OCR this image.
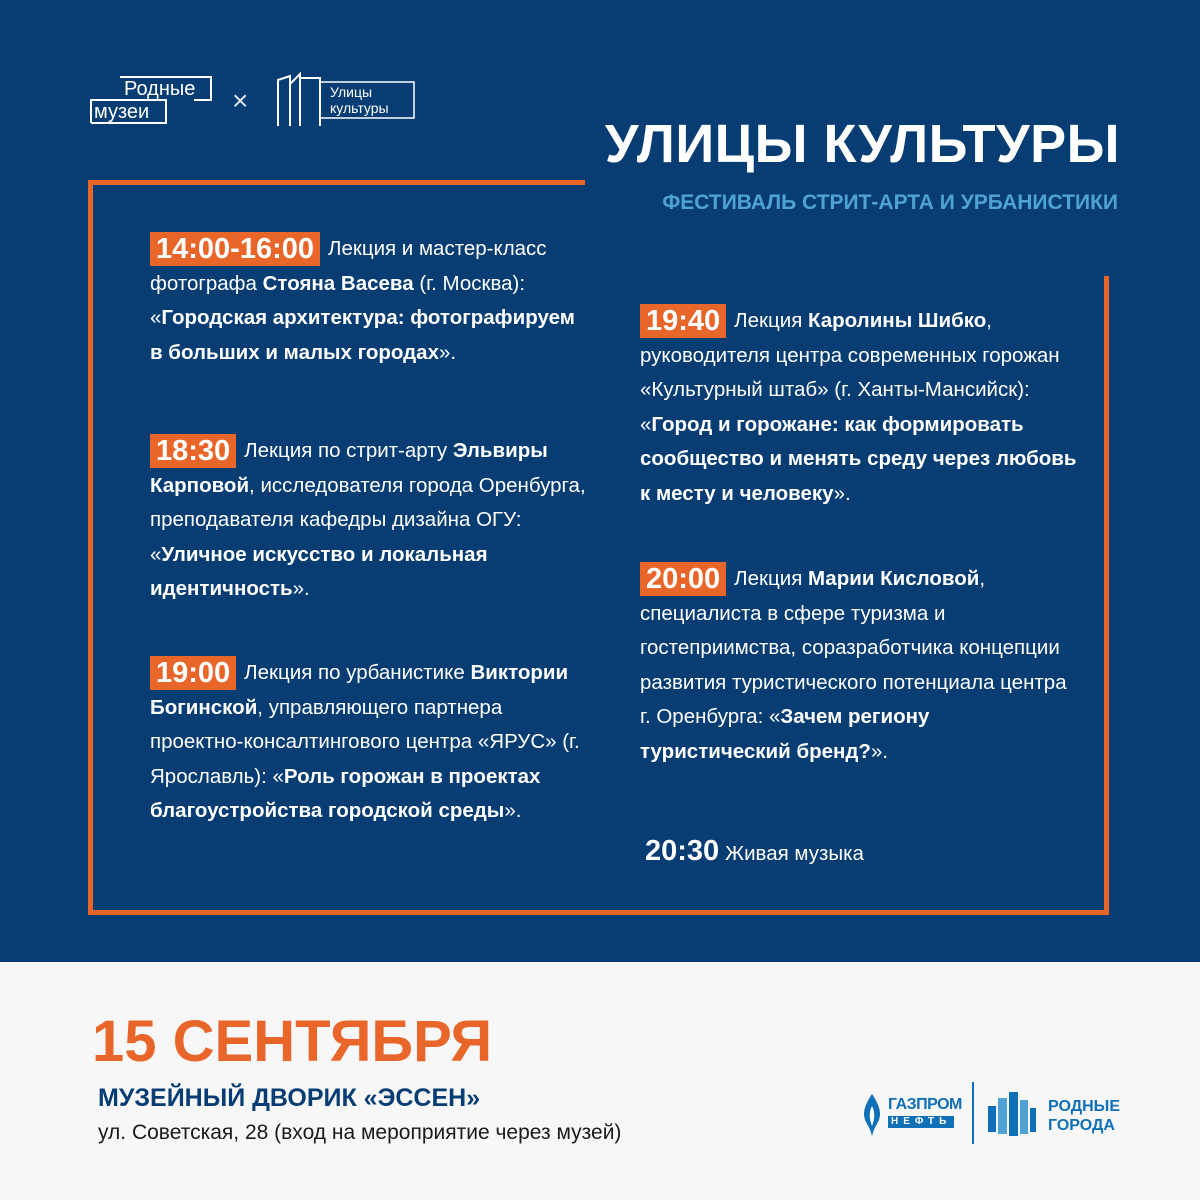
Родные
музеи	×	Улицы
культуры
УЛИЦЫ КУЛЬТУРЫ
ФЕСТИВАЛЬ СТРИТ-АРТА И УРБАНИСТИКИ
14:00-16:00 Лекция и мастер-класс фотографа Стояна Васева (г. Москва): «Городская архитектура: фотографируем в больших и малых городах».
18:30 Лекция по стрит-арту Эльвиры Карповой, исследователя города Оренбурга, преподавателя кафедры дизайна ОГУ: «Уличное искусство и локальная идентичность».
19:00 Лекция по урбанистике Виктории Богинской, управляющего партнера проектно-консалтингового центра «ЯРУС» (г. Ярославль): «Роль горожан в проектах благоустройства городской среды».
19:40 Лекция Каролины Шибко, руководителя центра современных горожан «Культурный штаб» (г. Ханты-Мансийск): «Город и горожане: как формировать сообщество и менять среду через любовь к месту и человеку».
20:00 Лекция Марии Кисловой, специалиста в сфере туризма и гостеприимства, соразработчика концепции развития туристического потенциала центра г. Оренбурга: «Зачем региону туристический бренд?».
20:30 Живая музыка
15 СЕНТЯБРЯ
МУЗЕЙНЫЙ ДВОРИК «ЭССЕН»
ул. Советская, 28 (вход на мероприятие через музей)
ГАЗПРОМ
НЕФТЬ
РОДНЫЕ
ГОРОДА
